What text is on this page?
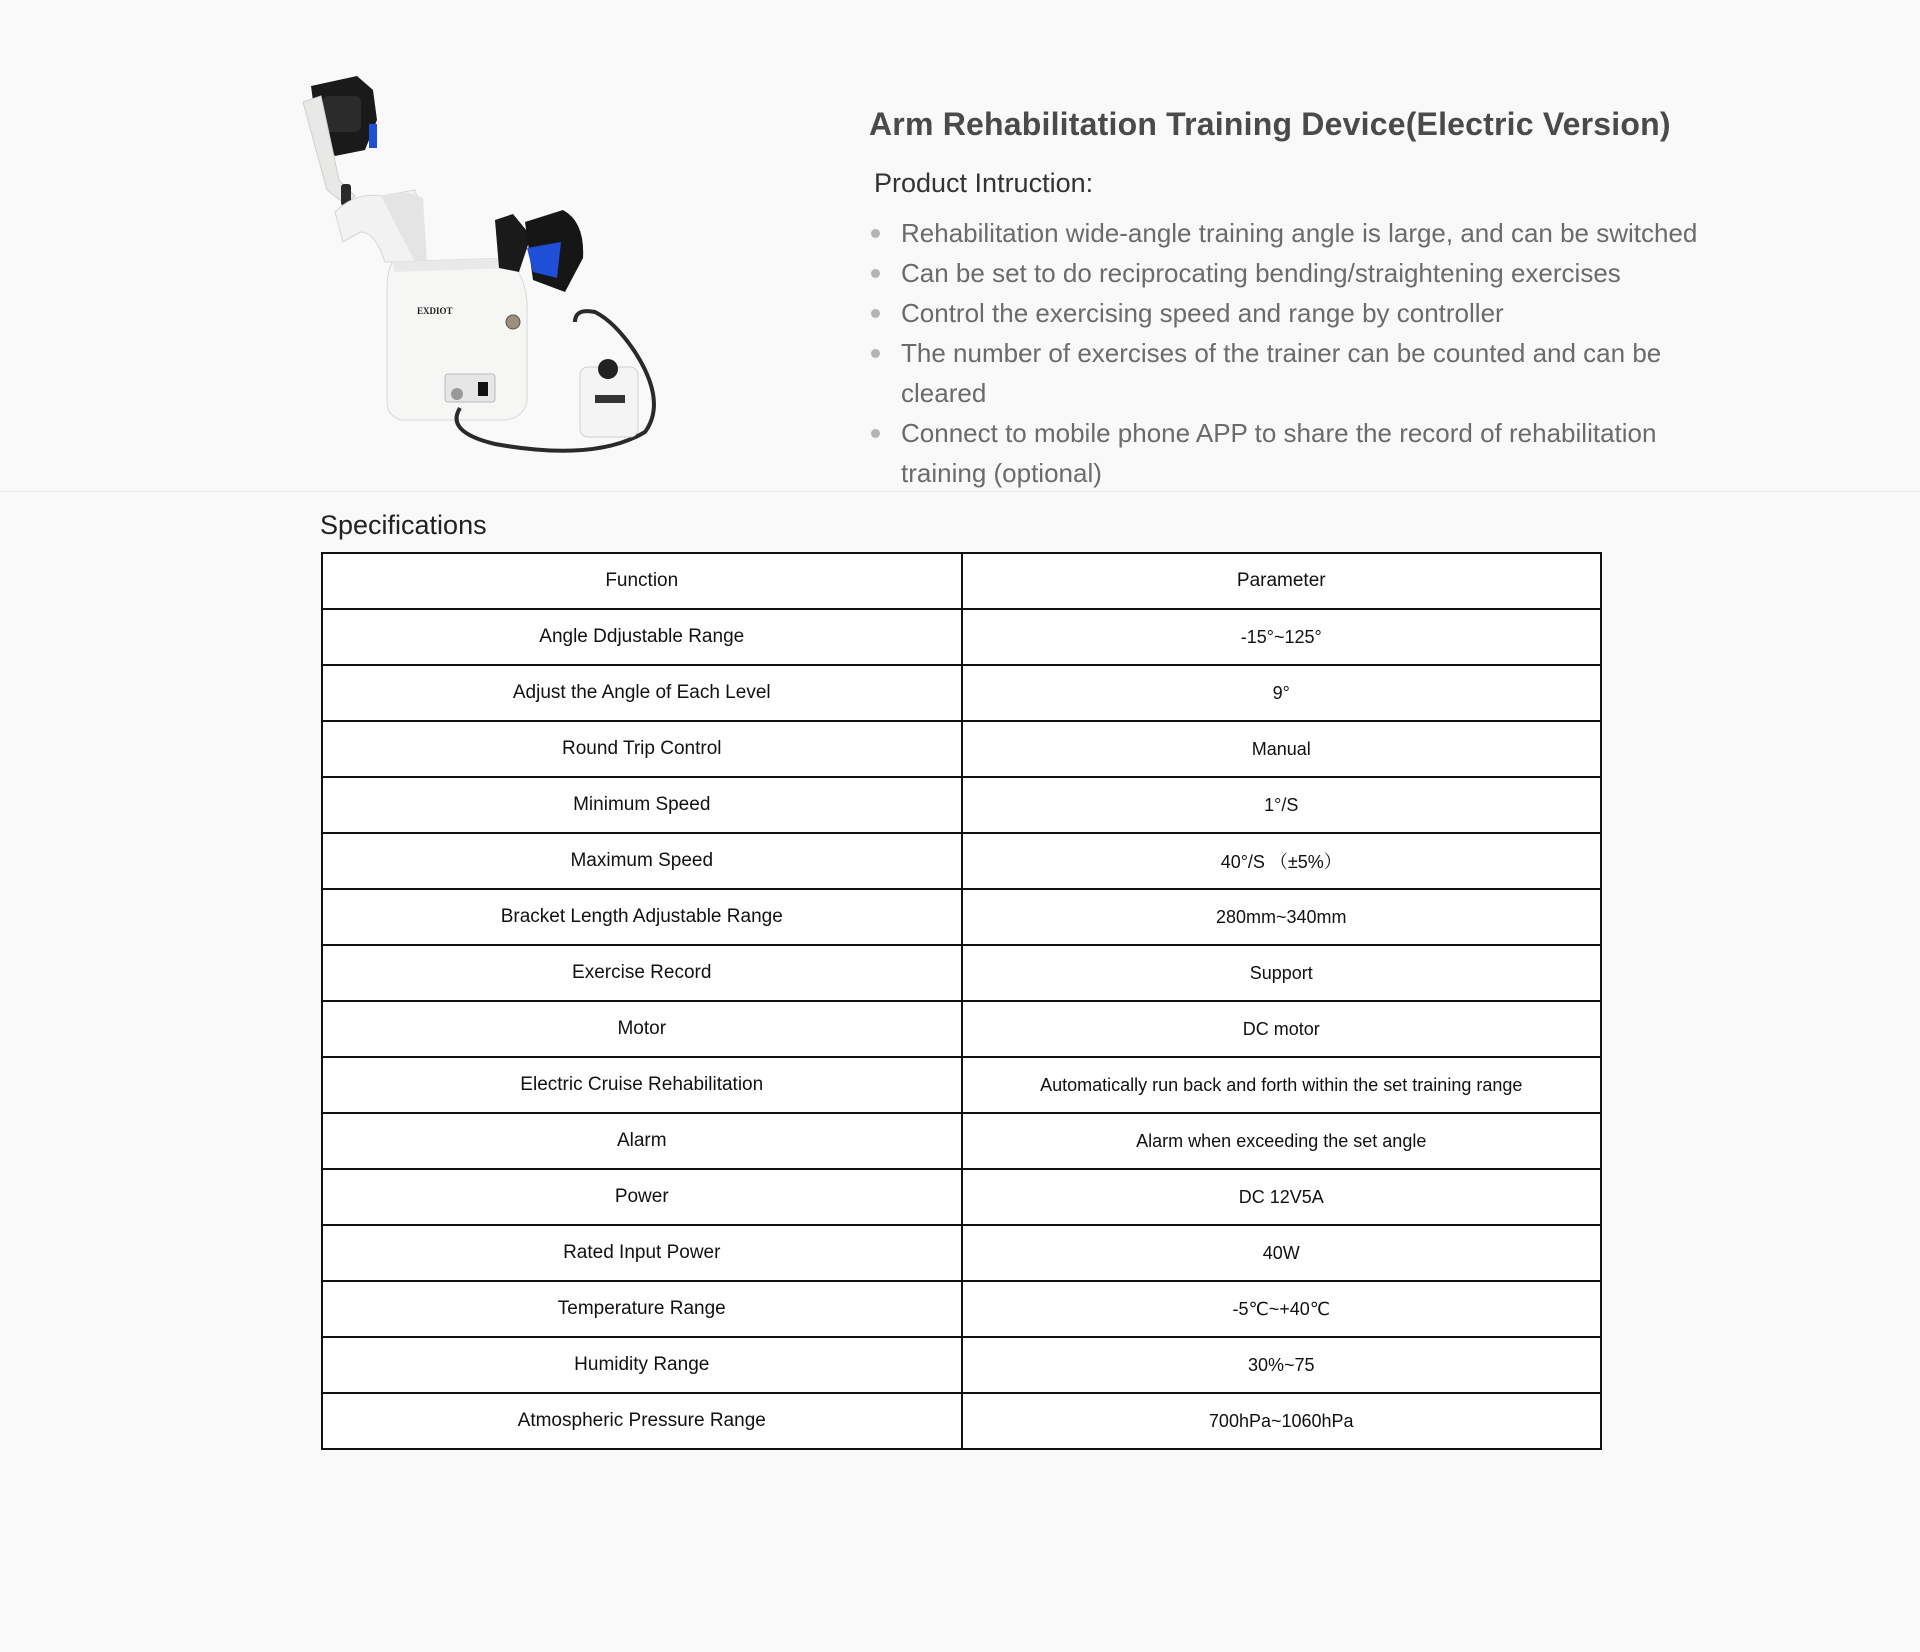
EXDIOT
Arm Rehabilitation Training Device(Electric Version)
Product Intruction:
Rehabilitation wide-angle training angle is large, and can be switched
Can be set to do reciprocating bending/straightening exercises
Control the exercising speed and range by controller
The number of exercises of the trainer can be counted and can be cleared
Connect to mobile phone APP to share the record of rehabilitation training (optional)
Specifications
Function	Parameter
Angle Ddjustable Range	-15°~125°
Adjust the Angle of Each Level	9°
Round Trip Control	Manual
Minimum Speed	1°/S
Maximum Speed	40°/S （±5%）
Bracket Length Adjustable Range	280mm~340mm
Exercise Record	Support
Motor	DC motor
Electric Cruise Rehabilitation	Automatically run back and forth within the set training range
Alarm	Alarm when exceeding the set angle
Power	DC 12V5A
Rated Input Power	40W
Temperature Range	-5℃~+40℃
Humidity Range	30%~75
Atmospheric Pressure Range	700hPa~1060hPa
